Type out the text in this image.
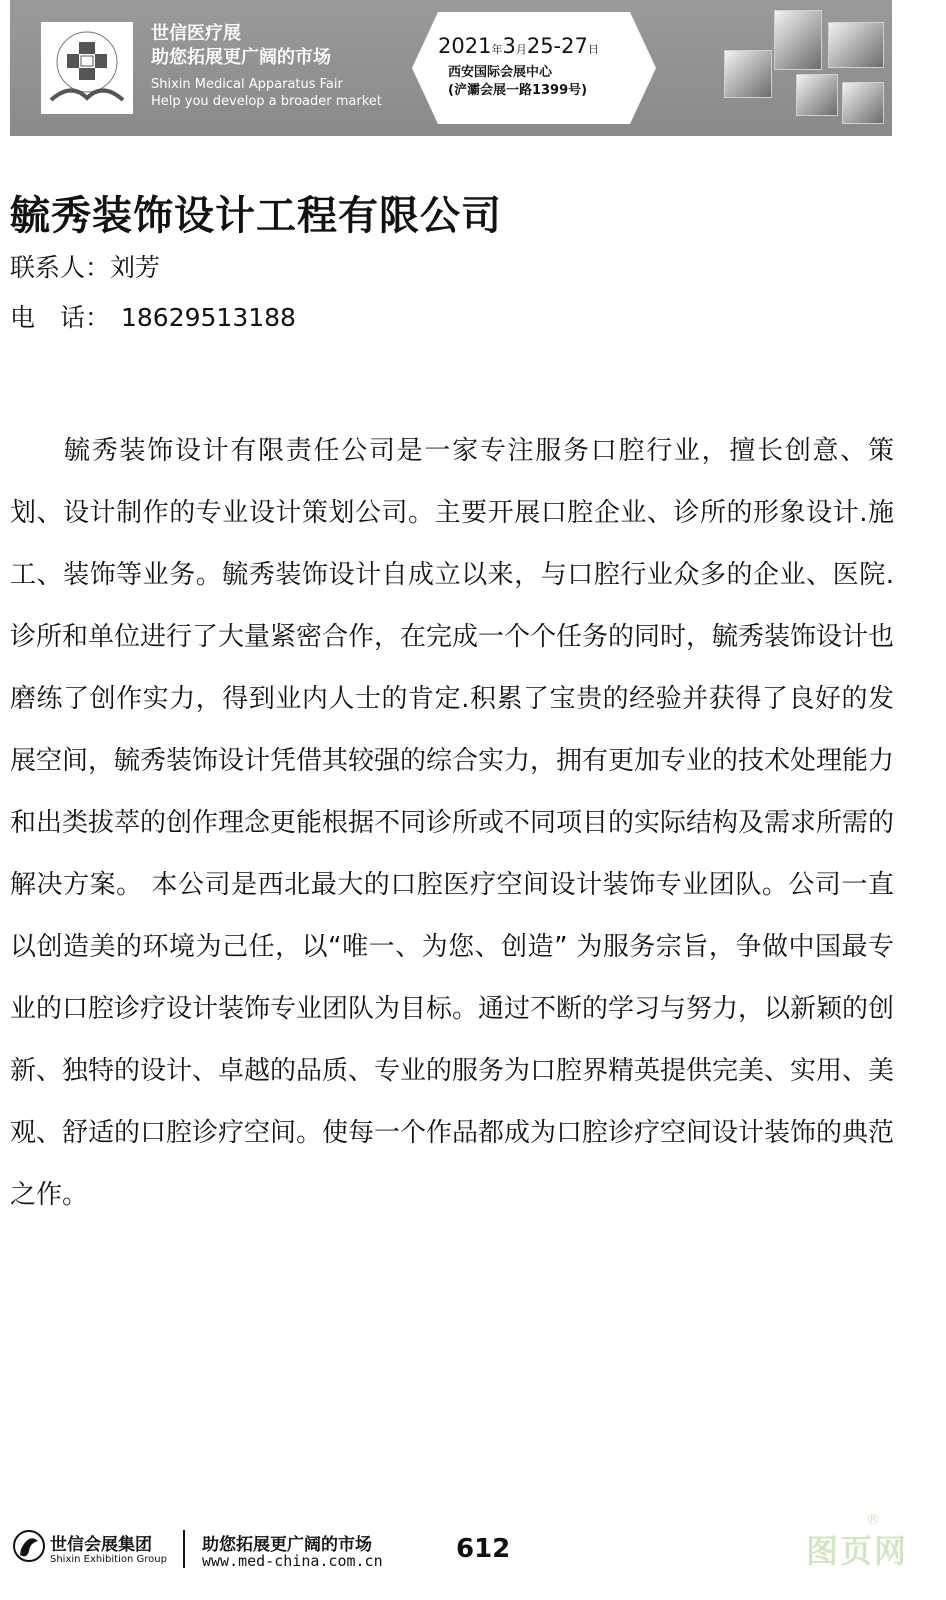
世信医疗展
助您拓展更广阔的市场
Shixin Medical Apparatus Fair
Help you develop a broader market
2021年3月25-27日
西安国际会展中心
(浐灞会展一路1399号)
毓秀装饰设计工程有限公司
联系人：刘芳
电　话： 18629513188
毓秀装饰设计有限责任公司是一家专注服务口腔行业，擅长创意、策划、设计制作的专业设计策划公司。主要开展口腔企业、诊所的形象设计.施工、装饰等业务。毓秀装饰设计自成立以来，与口腔行业众多的企业、医院.诊所和单位进行了大量紧密合作，在完成一个个任务的同时，毓秀装饰设计也磨练了创作实力，得到业内人士的肯定.积累了宝贵的经验并获得了良好的发展空间，毓秀装饰设计凭借其较强的综合实力，拥有更加专业的技术处理能力和出类拔萃的创作理念更能根据不同诊所或不同项目的实际结构及需求所需的解决方案。 本公司是西北最大的口腔医疗空间设计装饰专业团队。公司一直以创造美的环境为己任，以“唯一、为您、创造” 为服务宗旨，争做中国最专业的口腔诊疗设计装饰专业团队为目标。通过不断的学习与努力，以新颖的创新、独特的设计、卓越的品质、专业的服务为口腔界精英提供完美、实用、美观、舒适的口腔诊疗空间。使每一个作品都成为口腔诊疗空间设计装饰的典范之作。
世信会展集团
Shixin Exhibition Group
助您拓展更广阔的市场
www.med-china.com.cn	612	图页网
®
